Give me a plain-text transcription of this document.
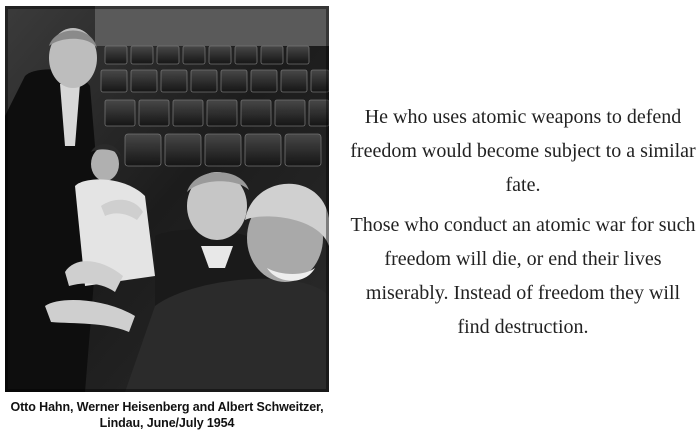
Otto Hahn, Werner Heisenberg and Albert Schweitzer,
Lindau, June/July 1954

He who uses atomic weapons to defend freedom would become subject to a similar fate.

Those who conduct an atomic war for such freedom will die, or end their lives miserably. Instead of freedom they will find destruction.
